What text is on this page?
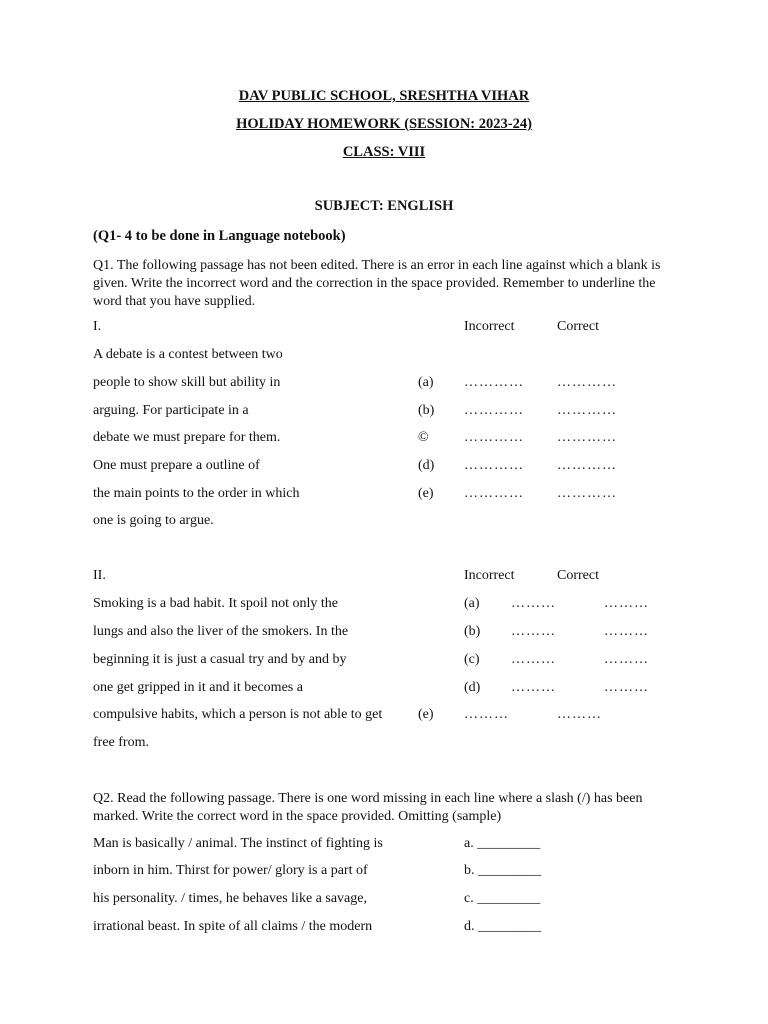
DAV PUBLIC SCHOOL, SRESHTHA VIHAR
HOLIDAY HOMEWORK (SESSION: 2023-24)
CLASS: VIII
SUBJECT: ENGLISH
(Q1- 4 to be done in Language notebook)
Q1. The following passage has not been edited. There is an error in each line against which a blank is given. Write the incorrect word and the correction in the space provided. Remember to underline the word that you have supplied.
I.	Incorrect	Correct
A debate is a contest between two
people to show skill but ability in	(a) ………… …………
arguing. For participate in a	(b) ………… …………
debate we must prepare for them.	©	………… …………
One must prepare a outline of	(d) ………… …………
the main points to the order in which	(e) ………… …………
one is going to argue.
II.	Incorrect	Correct
Smoking is a bad habit. It spoil not only the	(a) ………	………
lungs and also the liver of the smokers. In the	(b) ………	………
beginning it is just a casual try and by and by	(c) ………	………
one get gripped in it and it becomes a	(d) ………	………
compulsive habits, which a person is not able to get	(e) ………	………
free from.
Q2. Read the following passage. There is one word missing in each line where a slash (/) has been marked. Write the correct word in the space provided. Omitting (sample)
Man is basically / animal. The instinct of fighting is	a. _________
inborn in him. Thirst for power/ glory is a part of	b. _________
his personality. / times, he behaves like a savage,	c. _________
irrational beast. In spite of all claims / the modern	d. _________
